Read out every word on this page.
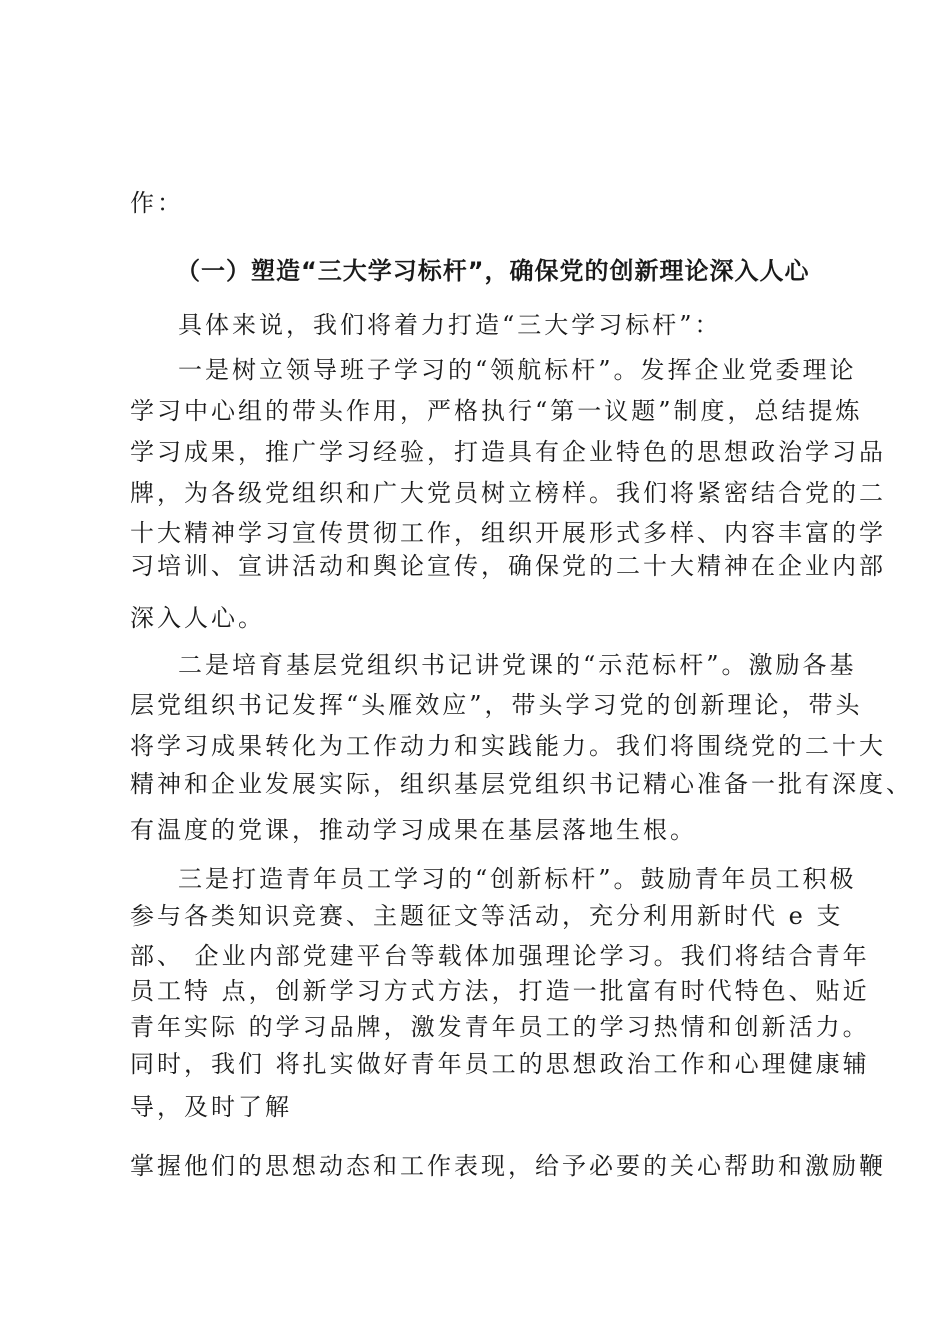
作：
（一）塑造“三大学习标杆”，确保党的创新理论深入人心
具体来说，我们将着力打造“三大学习标杆”：
一是树立领导班子学习的“领航标杆”。发挥企业党委理论
学习中心组的带头作用，严格执行“第一议题”制度，总结提炼
学习成果，推广学习经验，打造具有企业特色的思想政治学习品
牌，为各级党组织和广大党员树立榜样。我们将紧密结合党的二
十大精神学习宣传贯彻工作，组织开展形式多样、内容丰富的学
习培训、宣讲活动和舆论宣传，确保党的二十大精神在企业内部
深入人心。
二是培育基层党组织书记讲党课的“示范标杆”。激励各基
层党组织书记发挥“头雁效应”，带头学习党的创新理论，带头
将学习成果转化为工作动力和实践能力。我们将围绕党的二十大
精神和企业发展实际，组织基层党组织书记精心准备一批有深度、
有温度的党课，推动学习成果在基层落地生根。
三是打造青年员工学习的“创新标杆”。鼓励青年员工积极
参与各类知识竞赛、主题征文等活动，充分利用新时代 e 支
部、 企业内部党建平台等载体加强理论学习。我们将结合青年
员工特 点，创新学习方式方法，打造一批富有时代特色、贴近
青年实际 的学习品牌，激发青年员工的学习热情和创新活力。
同时，我们 将扎实做好青年员工的思想政治工作和心理健康辅
导，及时了解
掌握他们的思想动态和工作表现，给予必要的关心帮助和激励鞭
